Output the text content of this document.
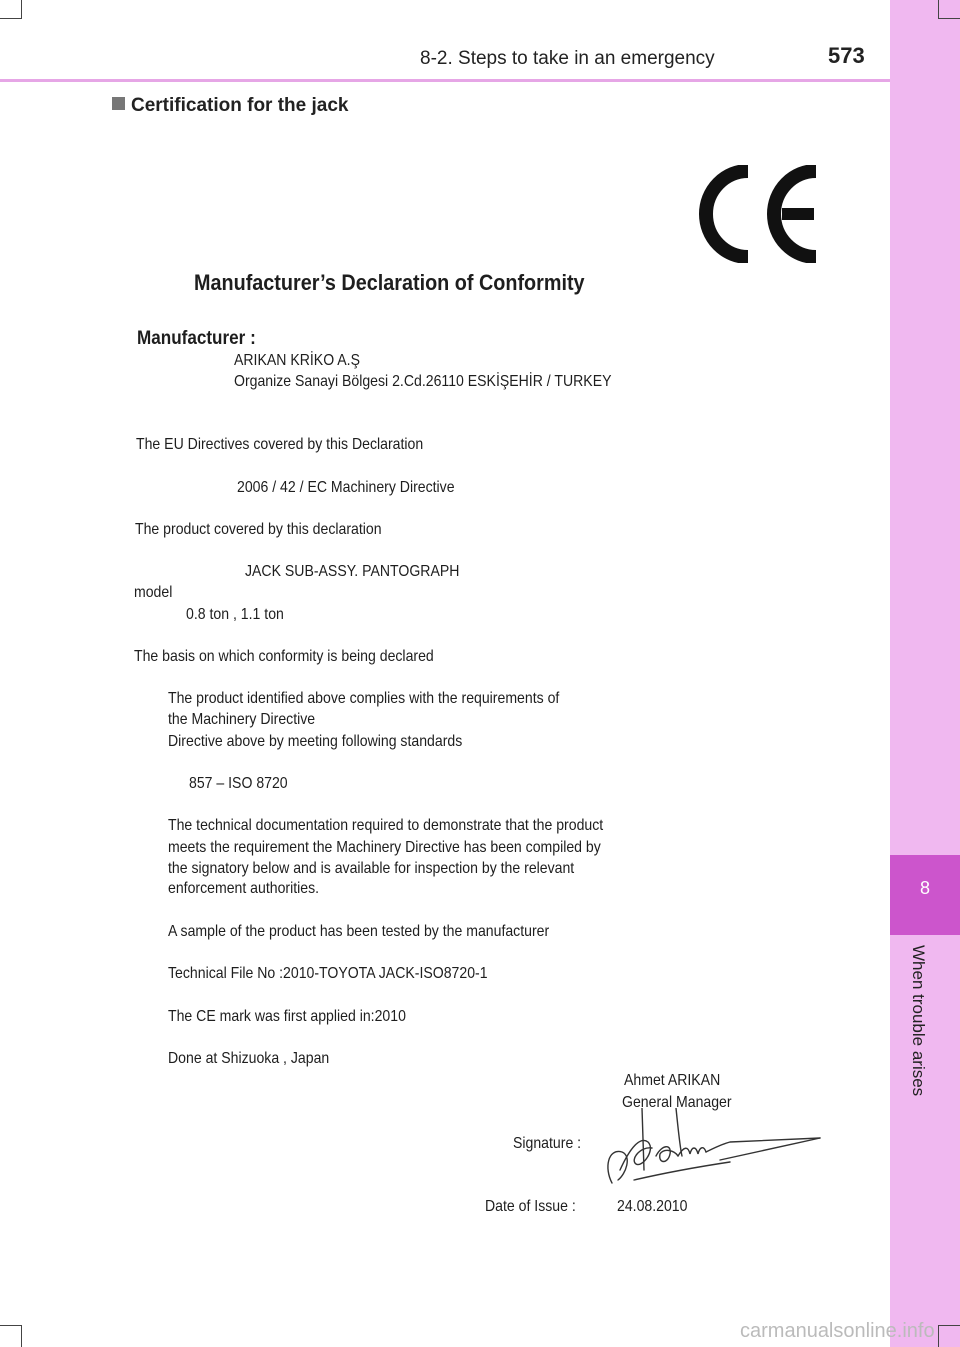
8-2. Steps to take in an emergency	573
8
When trouble arises
Certification for the jack
Manufacturer’s Declaration of Conformity
Manufacturer :
ARIKAN KRİKO A.Ş
Organize Sanayi Bölgesi 2.Cd.26110 ESKİŞEHİR / TURKEY
The EU Directives covered by this Declaration
2006 / 42 / EC Machinery Directive
The product covered by this declaration
JACK SUB-ASSY. PANTOGRAPH
model
0.8 ton , 1.1 ton
The basis on which conformity is being declared
The product identified above complies with the requirements of
the Machinery Directive
Directive above by meeting following standards
857 – ISO 8720
The technical documentation required to demonstrate that the product
meets the requirement the Machinery Directive has been compiled by
the signatory below and is available for inspection by the relevant
enforcement authorities.
A sample of the product has been tested by the manufacturer
Technical File No :2010-TOYOTA JACK-ISO8720-1
The CE mark was first applied in:2010
Done at Shizuoka , Japan
Ahmet ARIKAN
General Manager
Signature :
Date of Issue :	24.08.2010
carmanualsonline.info
